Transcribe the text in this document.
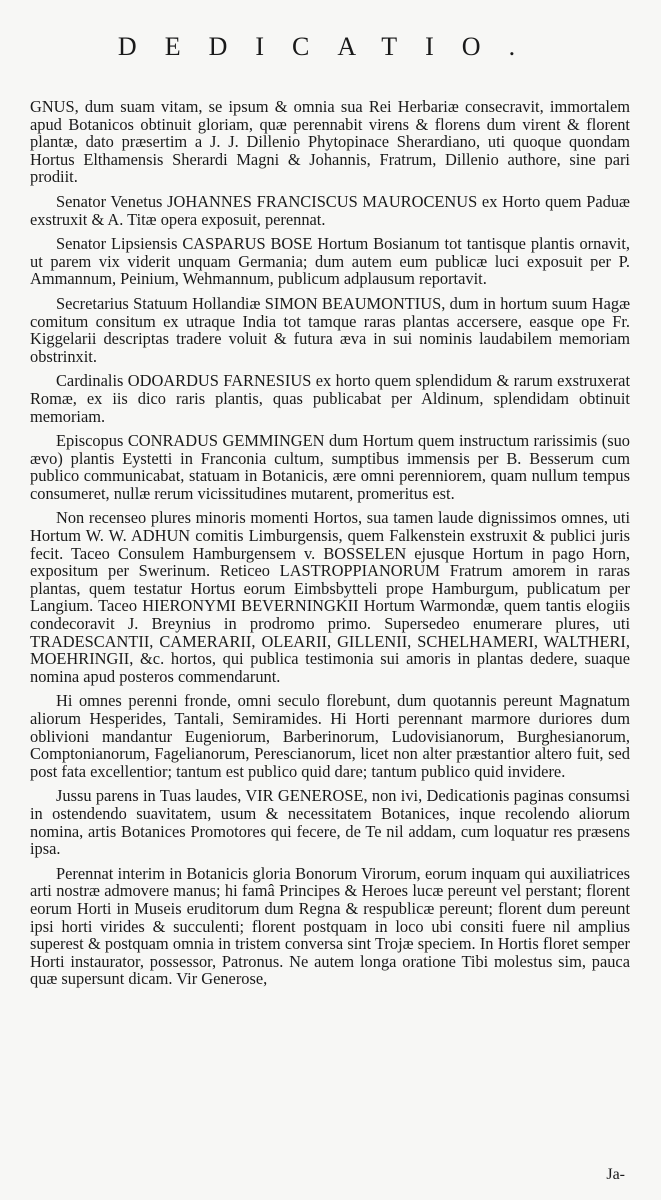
DEDICATIO.

GNUS, dum suam vitam, se ipsum & omnia sua Rei Herbariæ consecravit, immortalem apud Botanicos obtinuit gloriam, quæ perennabit virens & florens dum virent & florent plantæ, dato præsertim a J. J. Dillenio Phytopinace Sherardiano, uti quoque quondam Hortus Elthamensis Sherardi Magni & Johannis, Fratrum, Dillenio authore, sine pari prodiit.

Senator Venetus JOHANNES FRANCISCUS MAUROCENUS ex Horto quem Paduæ exstruxit & A. Titæ opera exposuit, perennat.

Senator Lipsiensis CASPARUS BOSE Hortum Bosianum tot tantisque plantis ornavit, ut parem vix viderit unquam Germania; dum autem eum publicæ luci exposuit per P. Ammannum, Peinium, Wehmannum, publicum adplausum reportavit.

Secretarius Statuum Hollandiæ SIMON BEAUMONTIUS, dum in hortum suum Hagæ comitum consitum ex utraque India tot tamque raras plantas accersere, easque ope Fr. Kiggelarii descriptas tradere voluit & futura æva in sui nominis laudabilem memoriam obstrinxit.

Cardinalis ODOARDUS FARNESIUS ex horto quem splendidum & rarum exstruxerat Romæ, ex iis dico raris plantis, quas publicabat per Aldinum, splendidam obtinuit memoriam.

Episcopus CONRADUS GEMMINGEN dum Hortum quem instructum rarissimis (suo ævo) plantis Eystetti in Franconia cultum, sumptibus immensis per B. Besserum cum publico communicabat, statuam in Botanicis, ære omni perenniorem, quam nullum tempus consumeret, nullæ rerum vicissitudines mutarent, promeritus est.

Non recenseo plures minoris momenti Hortos, sua tamen laude dignissimos omnes, uti Hortum W. W. ADHUN comitis Limburgensis, quem Falkenstein exstruxit & publici juris fecit. Taceo Consulem Hamburgensem v. BOSSELEN ejusque Hortum in pago Horn, expositum per Swerinum. Reticeo LASTROPPIANORUM Fratrum amorem in raras plantas, quem testatur Hortus eorum Eimbsbytteli prope Hamburgum, publicatum per Langium. Taceo HIERONYMI BEVERNINGKII Hortum Warmondæ, quem tantis elogiis condecoravit J. Breynius in prodromo primo. Supersedeo enumerare plures, uti TRADESCANTII, CAMERARII, OLEARII, GILLENII, SCHELHAMERI, WALTHERI, MOEHRINGII, &c. hortos, qui publica testimonia sui amoris in plantas dedere, suaque nomina apud posteros commendarunt.

Hi omnes perenni fronde, omni seculo florebunt, dum quotannis pereunt Magnatum aliorum Hesperides, Tantali, Semiramides. Hi Horti perennant marmore duriores dum oblivioni mandantur Eugeniorum, Barberinorum, Ludovisianorum, Burghesianorum, Comptonianorum, Fagelianorum, Perescianorum, licet non alter præstantior altero fuit, sed post fata excellentior; tantum est publico quid dare; tantum publico quid invidere.

Jussu parens in Tuas laudes, VIR GENEROSE, non ivi, Dedicationis paginas consumsi in ostendendo suavitatem, usum & necessitatem Botanices, inque recolendo aliorum nomina, artis Botanices Promotores qui fecere, de Te nil addam, cum loquatur res præsens ipsa.

Perennat interim in Botanicis gloria Bonorum Virorum, eorum inquam qui auxiliatrices arti nostræ admovere manus; hi famâ Principes & Heroes lucæ pereunt vel perstant; florent eorum Horti in Museis eruditorum dum Regna & respublicæ pereunt; florent dum pereunt ipsi horti virides & succulenti; florent postquam in loco ubi consiti fuere nil amplius superest & postquam omnia in tristem conversa sint Trojæ speciem. In Hortis floret semper Horti instaurator, possessor, Patronus. Ne autem longa oratione Tibi molestus sim, pauca quæ supersunt dicam. Vir Generose,

Ja-
